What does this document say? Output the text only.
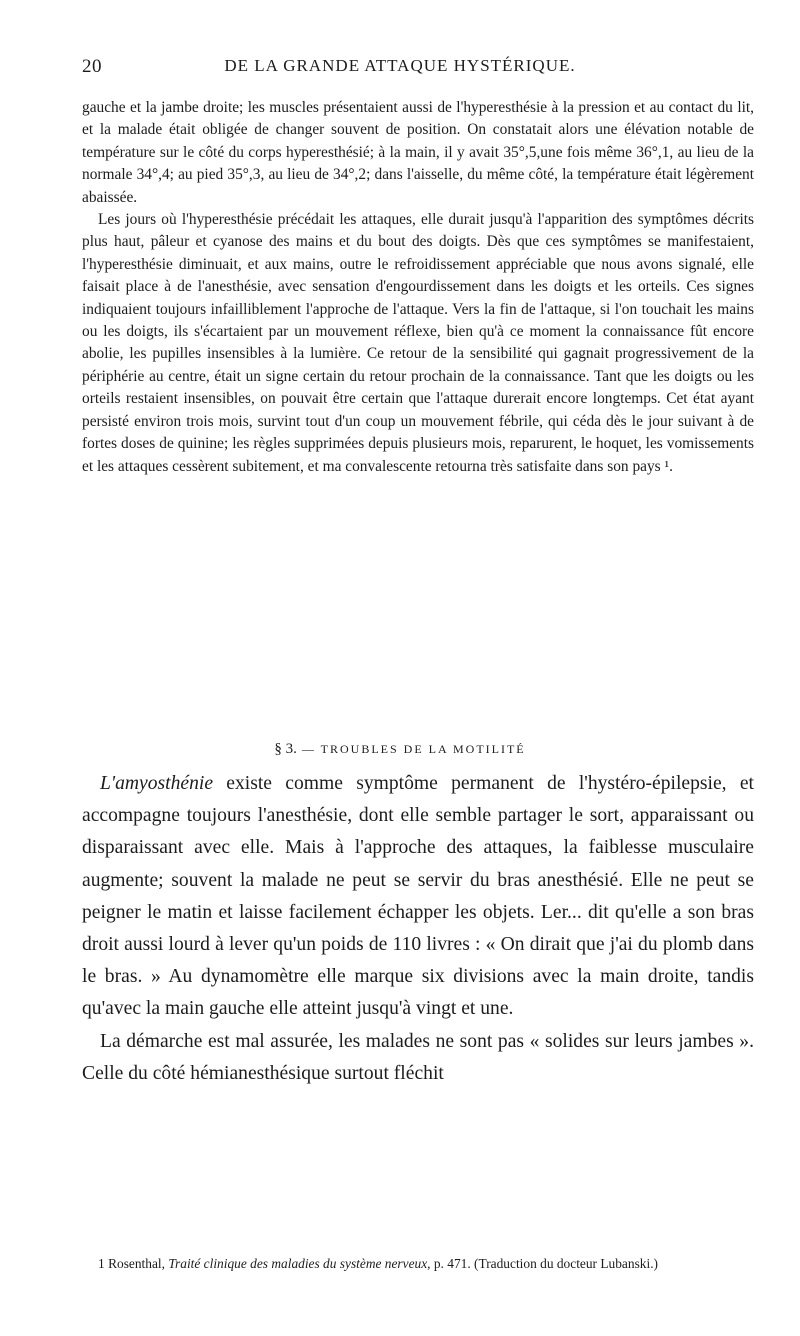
20	DE LA GRANDE ATTAQUE HYSTÉRIQUE.

gauche et la jambe droite; les muscles présentaient aussi de l'hyperesthésie à la pression et au contact du lit, et la malade était obligée de changer souvent de position. On constatait alors une élévation notable de température sur le côté du corps hyperesthésié; à la main, il y avait 35°,5,une fois même 36°,1, au lieu de la normale 34°,4; au pied 35°,3, au lieu de 34°,2; dans l'aisselle, du même côté, la température était légèrement abaissée.

Les jours où l'hyperesthésie précédait les attaques, elle durait jusqu'à l'apparition des symptômes décrits plus haut, pâleur et cyanose des mains et du bout des doigts. Dès que ces symptômes se manifestaient, l'hyperesthésie diminuait, et aux mains, outre le refroidissement appréciable que nous avons signalé, elle faisait place à de l'anesthésie, avec sensation d'engourdissement dans les doigts et les orteils. Ces signes indiquaient toujours infailliblement l'approche de l'attaque. Vers la fin de l'attaque, si l'on touchait les mains ou les doigts, ils s'écartaient par un mouvement réflexe, bien qu'à ce moment la connaissance fût encore abolie, les pupilles insensibles à la lumière. Ce retour de la sensibilité qui gagnait progressivement de la périphérie au centre, était un signe certain du retour prochain de la connaissance. Tant que les doigts ou les orteils restaient insensibles, on pouvait être certain que l'attaque durerait encore longtemps. Cet état ayant persisté environ trois mois, survint tout d'un coup un mouvement fébrile, qui céda dès le jour suivant à de fortes doses de quinine; les règles supprimées depuis plusieurs mois, reparurent, le hoquet, les vomissements et les attaques cessèrent subitement, et ma convalescente retourna très satisfaite dans son pays ¹.

§ 3. — TROUBLES DE LA MOTILITÉ

L'amyosthénie existe comme symptôme permanent de l'hystéro-épilepsie, et accompagne toujours l'anesthésie, dont elle semble partager le sort, apparaissant ou disparaissant avec elle. Mais à l'approche des attaques, la faiblesse musculaire augmente; souvent la malade ne peut se servir du bras anesthésié. Elle ne peut se peigner le matin et laisse facilement échapper les objets. Ler... dit qu'elle a son bras droit aussi lourd à lever qu'un poids de 110 livres : « On dirait que j'ai du plomb dans le bras. » Au dynamomètre elle marque six divisions avec la main droite, tandis qu'avec la main gauche elle atteint jusqu'à vingt et une.

La démarche est mal assurée, les malades ne sont pas « solides sur leurs jambes ». Celle du côté hémianesthésique surtout fléchit

1 Rosenthal, Traité clinique des maladies du système nerveux, p. 471. (Traduction du docteur Lubanski.)
